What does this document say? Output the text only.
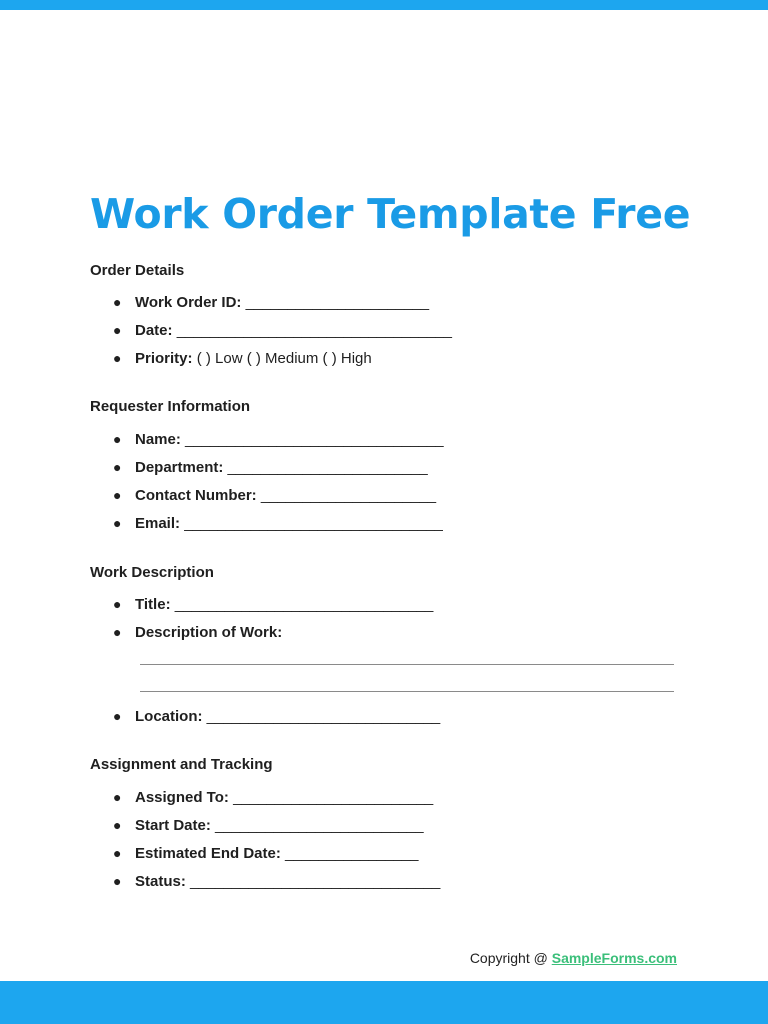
Work Order Template Free
Order Details
● Work Order ID: ______________________
● Date: _________________________________
● Priority: ( ) Low ( ) Medium ( ) High
Requester Information
● Name: _______________________________
● Department: ________________________
● Contact Number: _____________________
● Email: _______________________________
Work Description
● Title: _______________________________
● Description of Work:
● Location: ____________________________
Assignment and Tracking
● Assigned To: ________________________
● Start Date: _________________________
● Estimated End Date: ________________
● Status: ______________________________
Copyright @ SampleForms.com
